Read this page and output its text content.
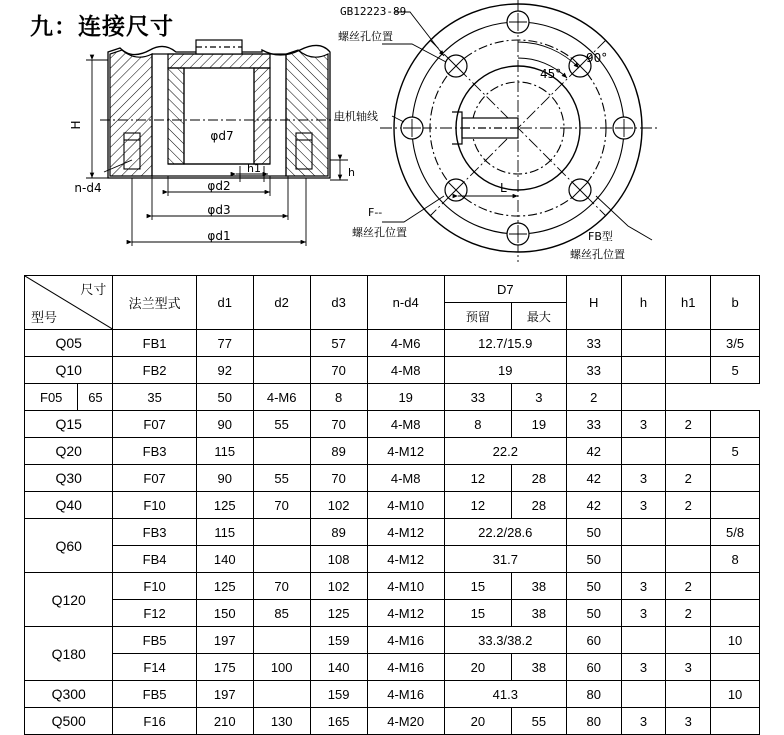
九：连接尺寸
H
φd7
n-d4	φd2
φd3
φd1
h1	h
45°
90°
L
GB12223-89
螺丝孔位置
电机轴线
F--
螺丝孔位置	FB型
螺丝孔位置
尺寸
型号		法兰型式	d1	d2	d3	n-d4	D7		H	h	h1	b
							预留	最大				
Q05		FB1	77		57	4-M6	12.7/15.9		33			3/5
Q10		FB2	92		70	4-M8	19		33			5
F05	65	35	50	4-M6	8	19	33	3	2			
Q15		F07	90	55	70	4-M8	8	19	33	3	2	
Q20		FB3	115		89	4-M12	22.2		42			5
Q30		F07	90	55	70	4-M8	12	28	42	3	2	
Q40		F10	125	70	102	4-M10	12	28	42	3	2	
Q60		FB3	115		89	4-M12	22.2/28.6		50			5/8
		FB4	140		108	4-M12	31.7		50			8
Q120		F10	125	70	102	4-M10	15	38	50	3	2	
		F12	150	85	125	4-M12	15	38	50	3	2	
Q180		FB5	197		159	4-M16	33.3/38.2		60			10
		F14	175	100	140	4-M16	20	38	60	3	3	
Q300		FB5	197		159	4-M16	41.3		80			10
Q500		F16	210	130	165	4-M20	20	55	80	3	3	
